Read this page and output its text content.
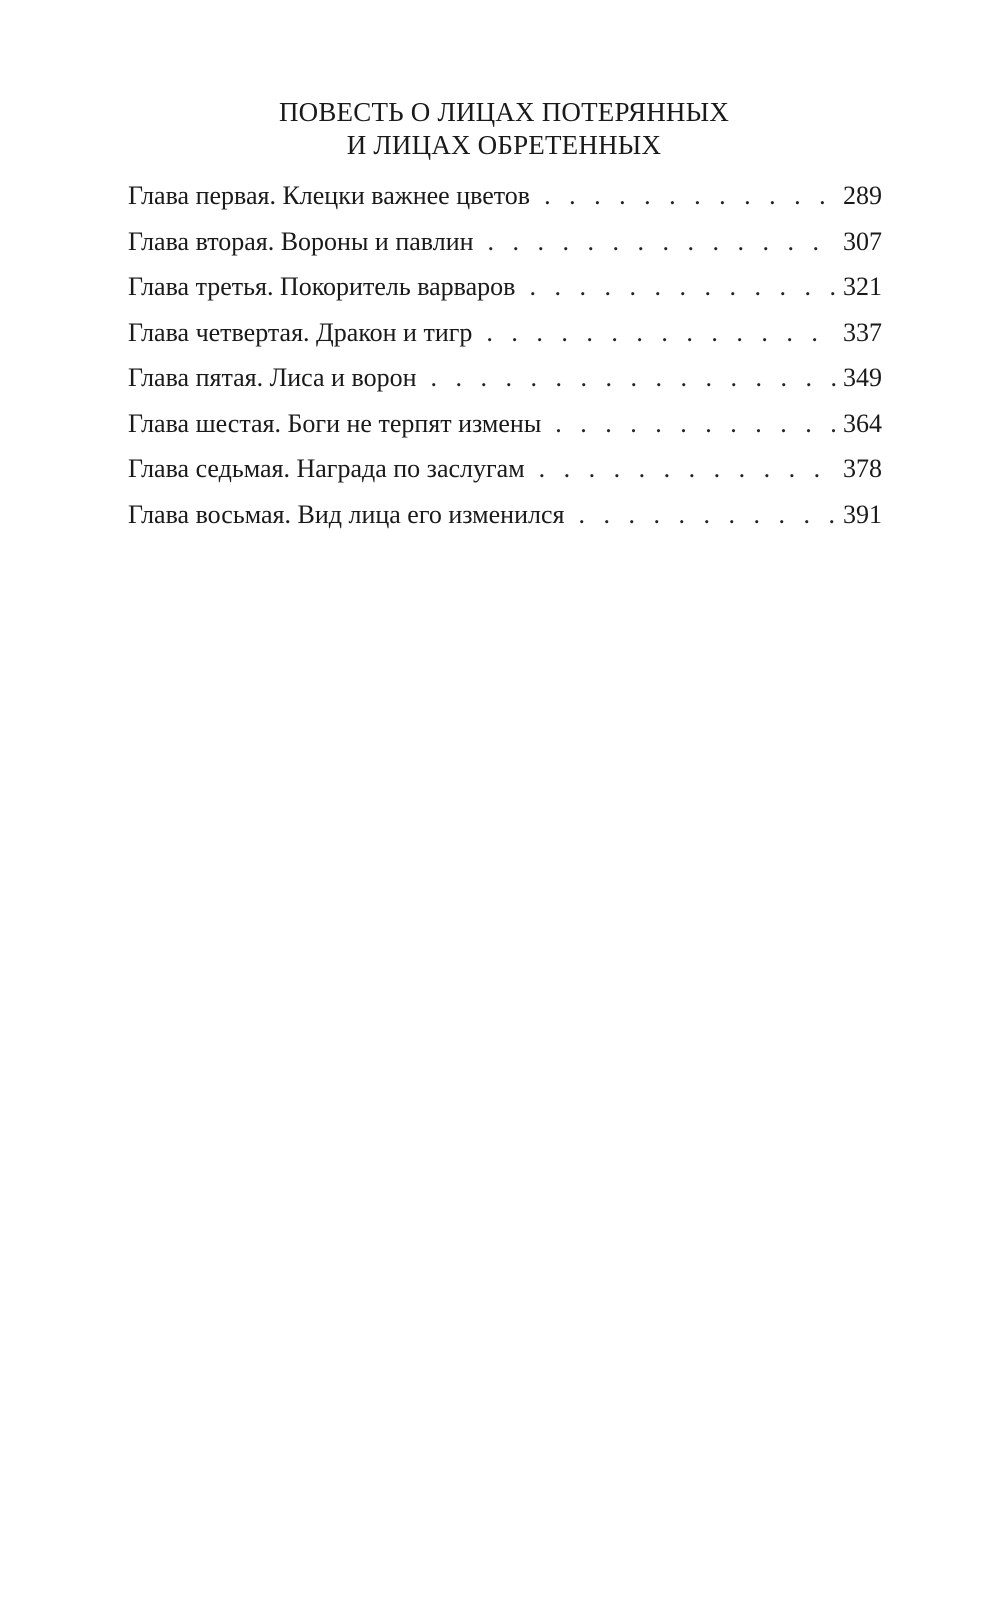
ПОВЕСТЬ О ЛИЦАХ ПОТЕРЯННЫХ
И ЛИЦАХ ОБРЕТЕННЫХ
Глава первая. Клецки важнее цветов . . .	289
Глава вторая. Вороны и павлин . . .	307
Глава третья. Покоритель варваров . . .	321
Глава четвертая. Дракон и тигр . . .	337
Глава пятая. Лиса и ворон . . .	349
Глава шестая. Боги не терпят измены . . .	364
Глава седьмая. Награда по заслугам . . .	378
Глава восьмая. Вид лица его изменился . . .	391
